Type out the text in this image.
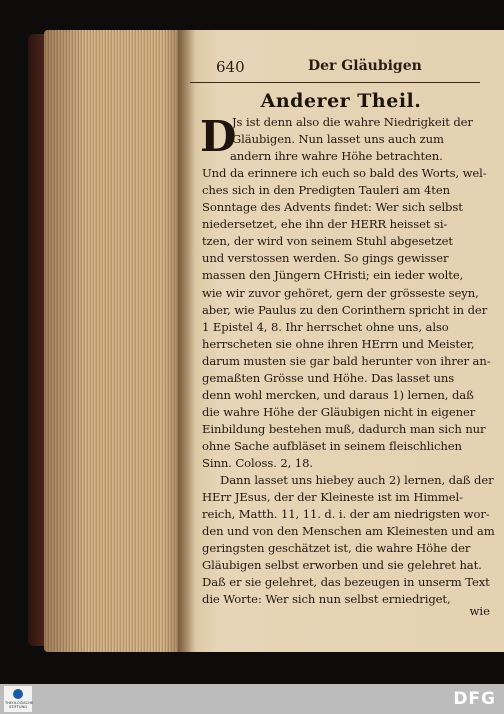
640	Der Gläubigen
Anderer Theil.
D
Js ist denn also die wahre Niedrigkeit der
Gläubigen. Nun lasset uns auch zum
andern ihre wahre Höhe betrachten.
Und da erinnere ich euch so bald des Worts, wel-
ches sich in den Predigten Tauleri am 4ten
Sonntage des Advents findet: Wer sich selbst
niedersetzet, ehe ihn der HERR heisset si-
tzen, der wird von seinem Stuhl abgesetzet
und verstossen werden. So gings gewisser
massen den Jüngern CHristi; ein ieder wolte,
wie wir zuvor gehöret, gern der grösseste seyn,
aber, wie Paulus zu den Corinthern spricht in der
1 Epistel 4, 8. Ihr herrschet ohne uns, also
herrscheten sie ohne ihren HErrn und Meister,
darum musten sie gar bald herunter von ihrer an-
gemaßten Grösse und Höhe. Das lasset uns
denn wohl mercken, und daraus 1) lernen, daß
die wahre Höhe der Gläubigen nicht in eigener
Einbildung bestehen muß, dadurch man sich nur
ohne Sache aufbläset in seinem fleischlichen
Sinn. Coloss. 2, 18.
Dann lasset uns hiebey auch 2) lernen, daß der
HErr JEsus, der der Kleineste ist im Himmel-
reich, Matth. 11, 11. d. i. der am niedrigsten wor-
den und von den Menschen am Kleinesten und am
geringsten geschätzet ist, die wahre Höhe der
Gläubigen selbst erworben und sie gelehret hat.
Daß er sie gelehret, das bezeugen in unserm Text
die Worte: Wer sich nun selbst erniedriget,
wie
THEOLOGISCHE STIFTUNG	DFG
